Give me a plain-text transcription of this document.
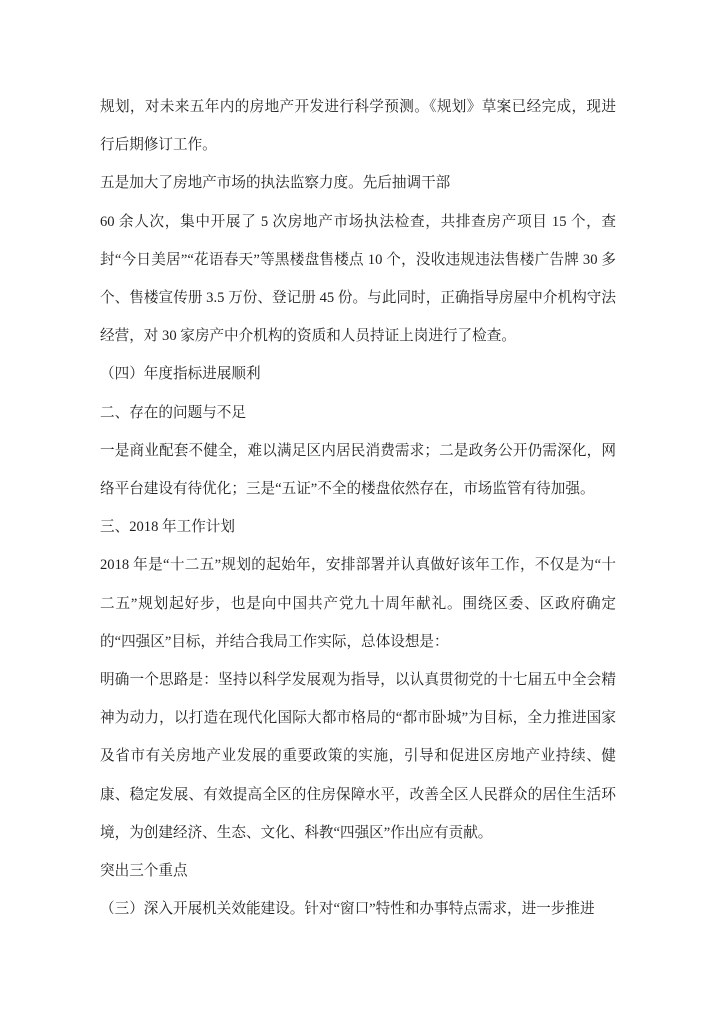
规划，对未来五年内的房地产开发进行科学预测。《规划》草案已经完成，现进行后期修订工作。

五是加大了房地产市场的执法监察力度。先后抽调干部

60 余人次，集中开展了 5 次房地产市场执法检查，共排查房产项目 15 个，查封“今日美居”“花语春天”等黑楼盘售楼点 10 个，没收违规违法售楼广告牌 30 多个、售楼宣传册 3.5 万份、登记册 45 份。与此同时，正确指导房屋中介机构守法经营，对 30 家房产中介机构的资质和人员持证上岗进行了检查。

（四）年度指标进展顺利

二、存在的问题与不足

一是商业配套不健全，难以满足区内居民消费需求；二是政务公开仍需深化，网络平台建设有待优化；三是“五证”不全的楼盘依然存在，市场监管有待加强。

三、2018 年工作计划

2018 年是“十二五”规划的起始年，安排部署并认真做好该年工作，不仅是为“十二五”规划起好步，也是向中国共产党九十周年献礼。围绕区委、区政府确定的“四强区”目标，并结合我局工作实际，总体设想是：

明确一个思路是：坚持以科学发展观为指导，以认真贯彻党的十七届五中全会精神为动力，以打造在现代化国际大都市格局的“都市卧城”为目标，全力推进国家及省市有关房地产业发展的重要政策的实施，引导和促进区房地产业持续、健康、稳定发展、有效提高全区的住房保障水平，改善全区人民群众的居住生活环境，为创建经济、生态、文化、科教“四强区”作出应有贡献。

突出三个重点

（三）深入开展机关效能建设。针对“窗口”特性和办事特点需求，进一步推进
